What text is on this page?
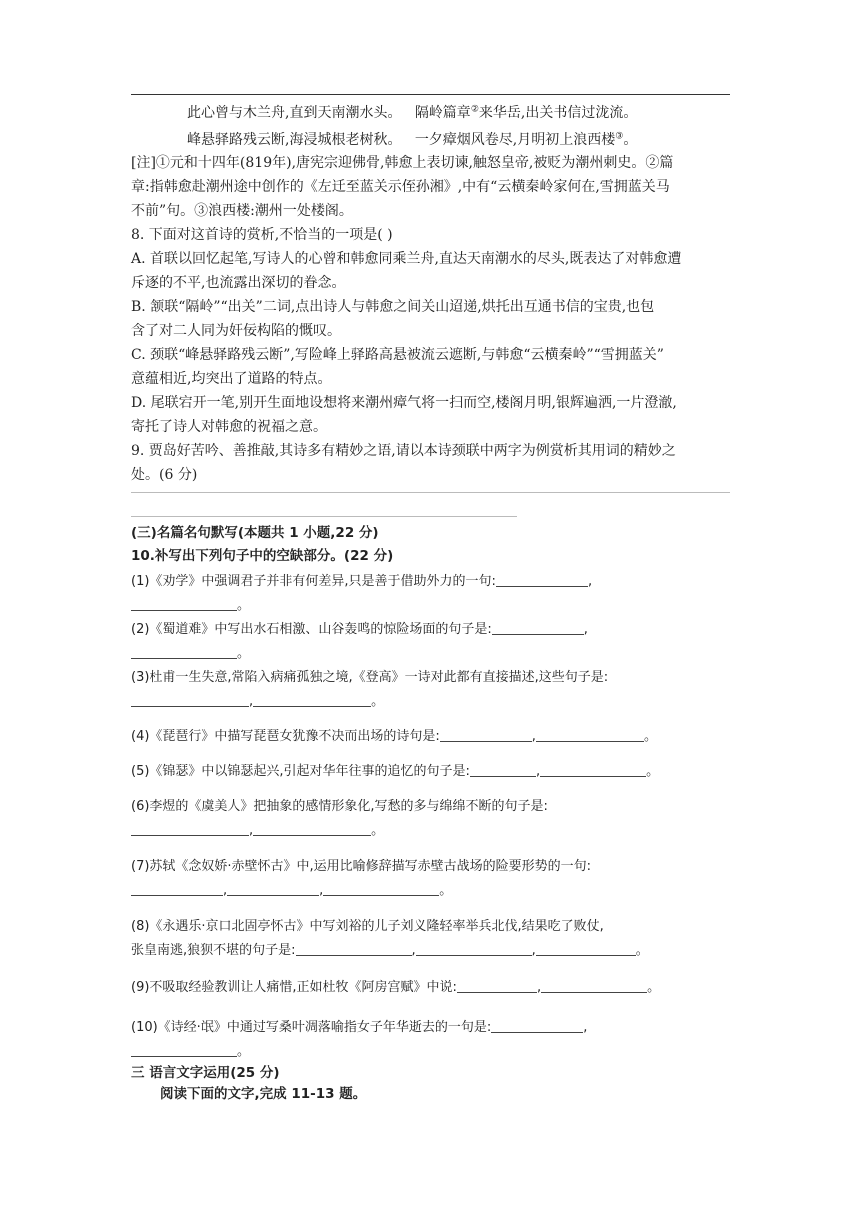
此心曾与木兰舟,直到天南潮水头。 隔岭篇章②来华岳,出关书信过泷流。
峰悬驿路残云断,海浸城根老树秋。 一夕瘴烟风卷尽,月明初上浪西楼③。
[注]①元和十四年(819年),唐宪宗迎佛骨,韩愈上表切谏,触怒皇帝,被贬为潮州刺史。②篇
章:指韩愈赴潮州途中创作的《左迁至蓝关示侄孙湘》,中有“云横秦岭家何在,雪拥蓝关马
不前”句。③浪西楼:潮州一处楼阁。
8. 下面对这首诗的赏析,不恰当的一项是( )
A. 首联以回忆起笔,写诗人的心曾和韩愈同乘兰舟,直达天南潮水的尽头,既表达了对韩愈遭
斥逐的不平,也流露出深切的眷念。
B. 颔联“隔岭”“出关”二词,点出诗人与韩愈之间关山迢递,烘托出互通书信的宝贵,也包
含了对二人同为奸佞构陷的慨叹。
C. 颈联“峰悬驿路残云断”,写险峰上驿路高悬被流云遮断,与韩愈“云横秦岭”“雪拥蓝关”
意蕴相近,均突出了道路的特点。
D. 尾联宕开一笔,别开生面地设想将来潮州瘴气将一扫而空,楼阁月明,银辉遍洒,一片澄澈,
寄托了诗人对韩愈的祝福之意。
9. 贾岛好苦吟、善推敲,其诗多有精妙之语,请以本诗颈联中两字为例赏析其用词的精妙之
处。(6 分)
(三)名篇名句默写(本题共 1 小题,22 分)
10.补写出下列句子中的空缺部分。(22 分)
(1)《劝学》中强调君子并非有何差异,只是善于借助外力的一句:	,
。
(2)《蜀道难》中写出水石相激、山谷轰鸣的惊险场面的句子是:	,
。
(3)杜甫一生失意,常陷入病痛孤独之境,《登高》一诗对此都有直接描述,这些句子是:
,	。
(4)《琵琶行》中描写琵琶女犹豫不决而出场的诗句是:	,	。
(5)《锦瑟》中以锦瑟起兴,引起对华年往事的追忆的句子是:	,	。
(6)李煜的《虞美人》把抽象的感情形象化,写愁的多与绵绵不断的句子是:
,	。
(7)苏轼《念奴娇·赤壁怀古》中,运用比喻修辞描写赤壁古战场的险要形势的一句:
,	,	。
(8)《永遇乐·京口北固亭怀古》中写刘裕的儿子刘义隆轻率举兵北伐,结果吃了败仗,
张皇南逃,狼狈不堪的句子是:	,	,	。
(9)不吸取经验教训让人痛惜,正如杜牧《阿房宫赋》中说:	,	。
(10)《诗经·氓》中通过写桑叶凋落喻指女子年华逝去的一句是:	,
。
三 语言文字运用(25 分)
阅读下面的文字,完成 11-13 题。
